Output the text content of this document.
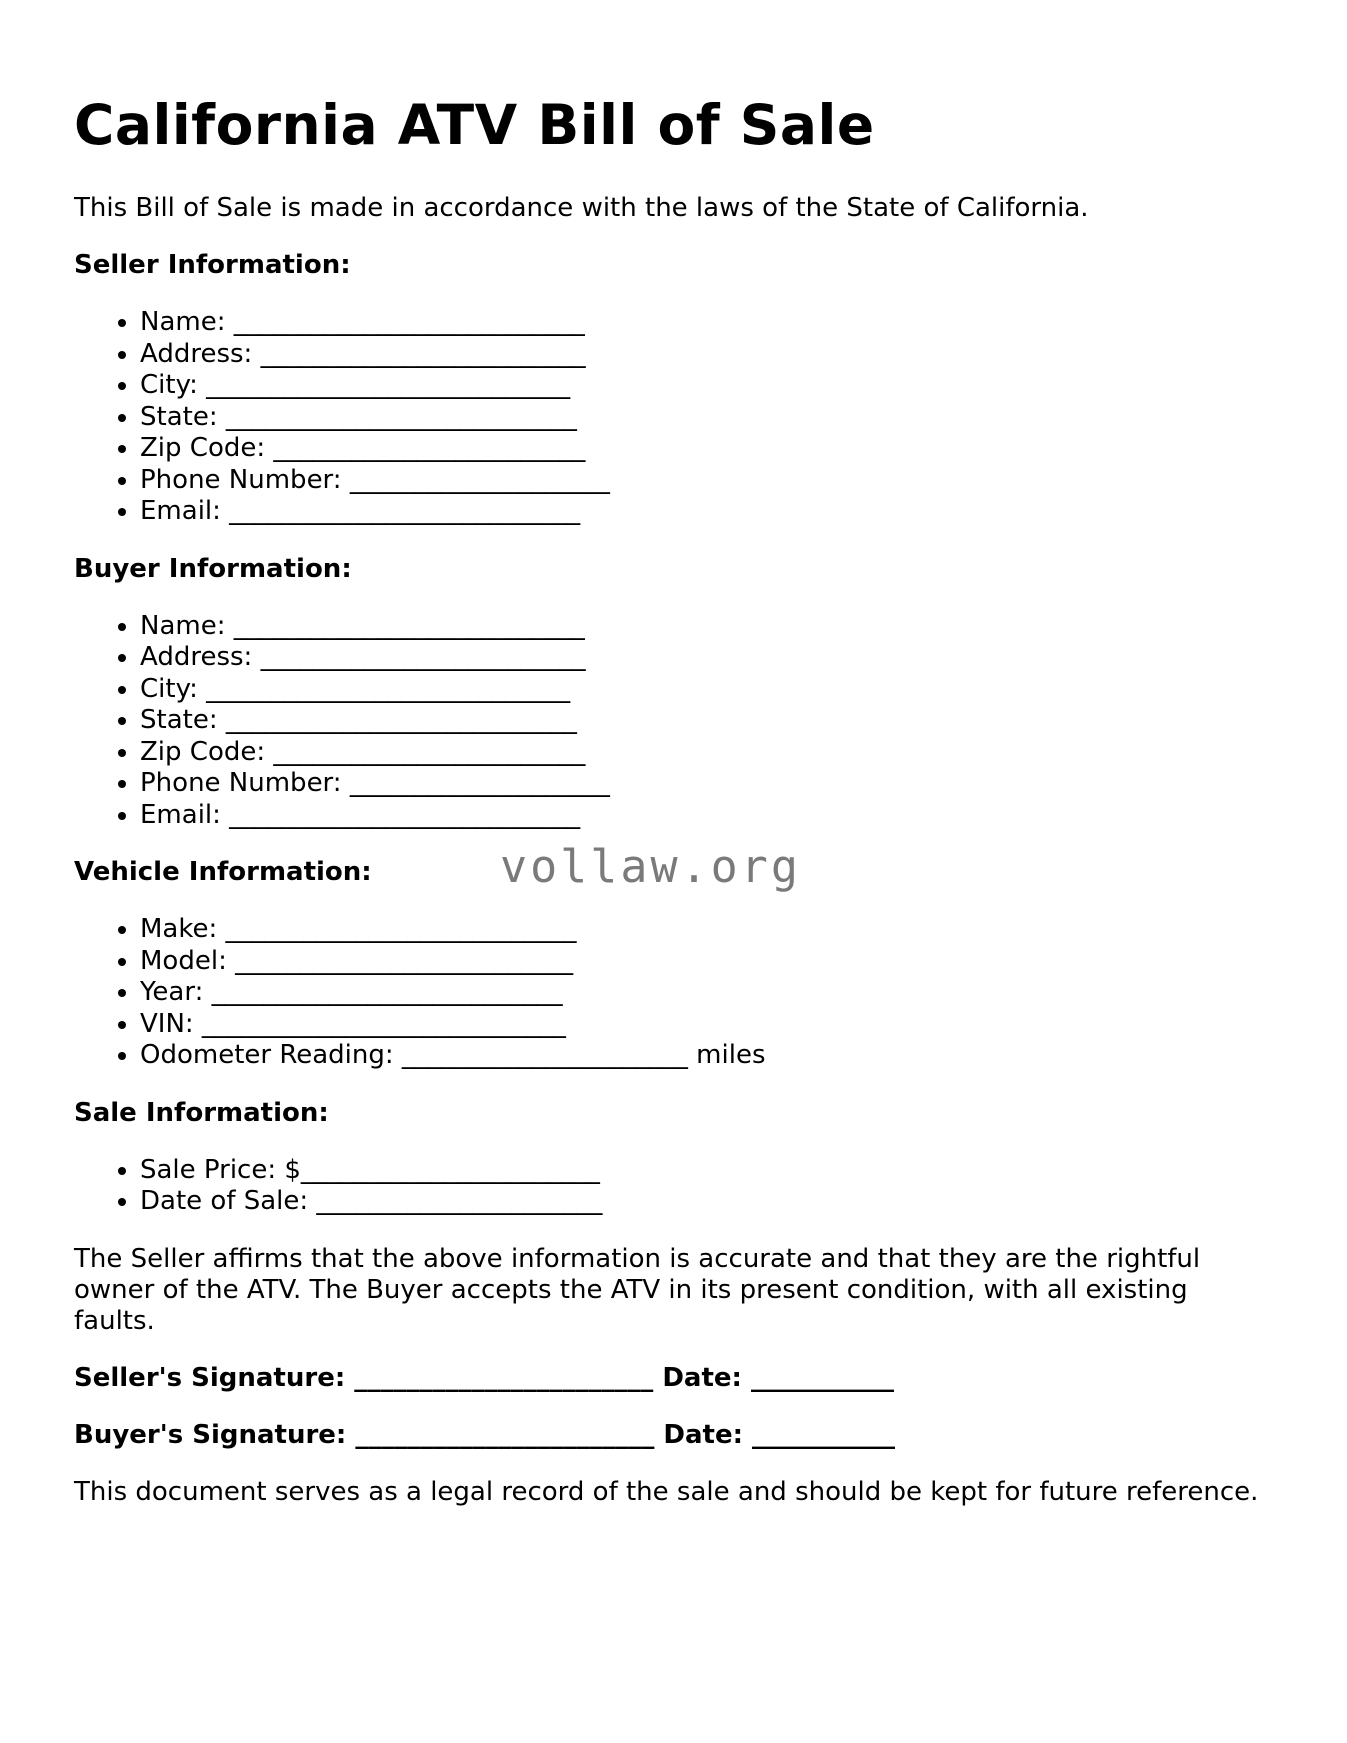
California ATV Bill of Sale

This Bill of Sale is made in accordance with the laws of the State of California.

Seller Information:
• Name: ___________________________
• Address: _________________________
• City: ____________________________
• State: ___________________________
• Zip Code: ________________________
• Phone Number: ____________________
• Email: ___________________________
Buyer Information:
• Name: ___________________________
• Address: _________________________
• City: ____________________________
• State: ___________________________
• Zip Code: ________________________
• Phone Number: ____________________
• Email: ___________________________
Vehicle Information:
• Make: ___________________________
• Model: __________________________
• Year: ___________________________
• VIN: ____________________________
• Odometer Reading: ______________________ miles
Sale Information:
• Sale Price: $_______________________
• Date of Sale: ______________________

The Seller affirms that the above information is accurate and that they are the rightful owner of the ATV. The Buyer accepts the ATV in its present condition, with all existing faults.

Seller's Signature: _______________________ Date: ___________
Buyer's Signature: _______________________ Date: ___________

This document serves as a legal record of the sale and should be kept for future reference.

vollaw.org
